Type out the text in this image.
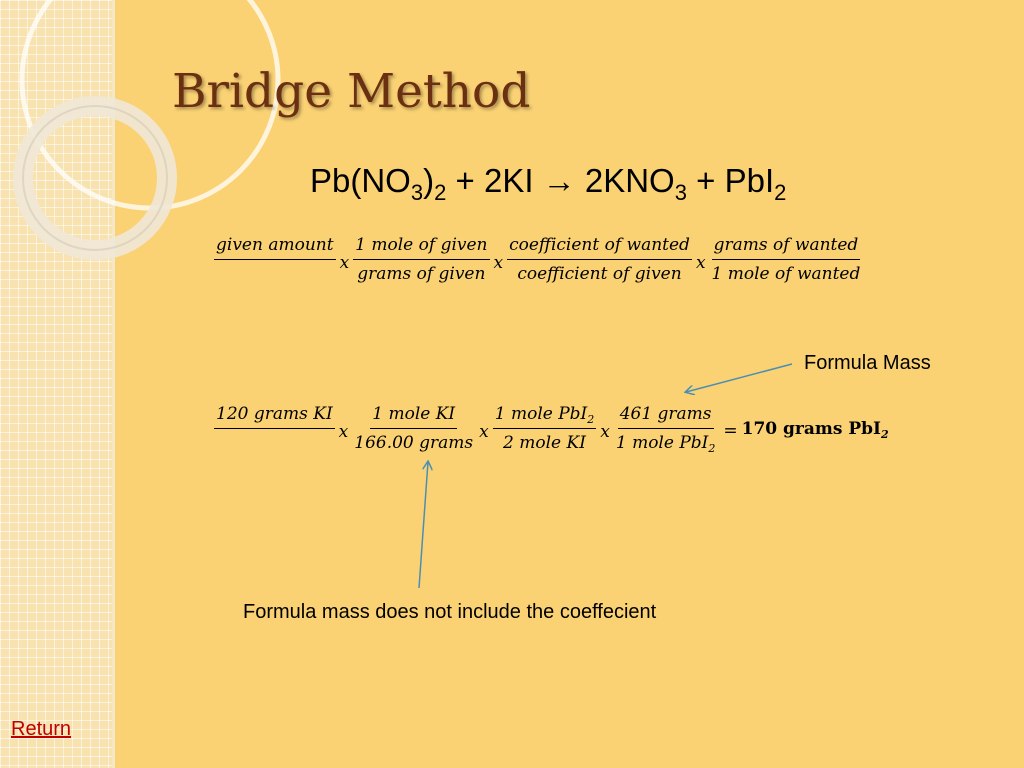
Bridge Method
$Pb(NO_3)_2 + 2KI \to 2KNO_3 + PbI_2$
given amount

x $\frac{\text{1 mole of given}}{\text{grams of given}}$ x $\frac{\text{coefficient of wanted}}{\text{coefficient of given}}$ x $\frac{\text{grams of wanted}}{\text{1 mole of wanted}}$
Formula Mass
120 grams KI

x $\frac{\text{1 mole KI}}{\text{166.00 grams}}$ x $\frac{1 mole PbI_2}{\text{2 mole KI}}$ x $\frac{\text{461 grams}}{1 mole PbI_2} = 170$ grams PbI$_2$
Formula mass does not include the coeffecient
Return
